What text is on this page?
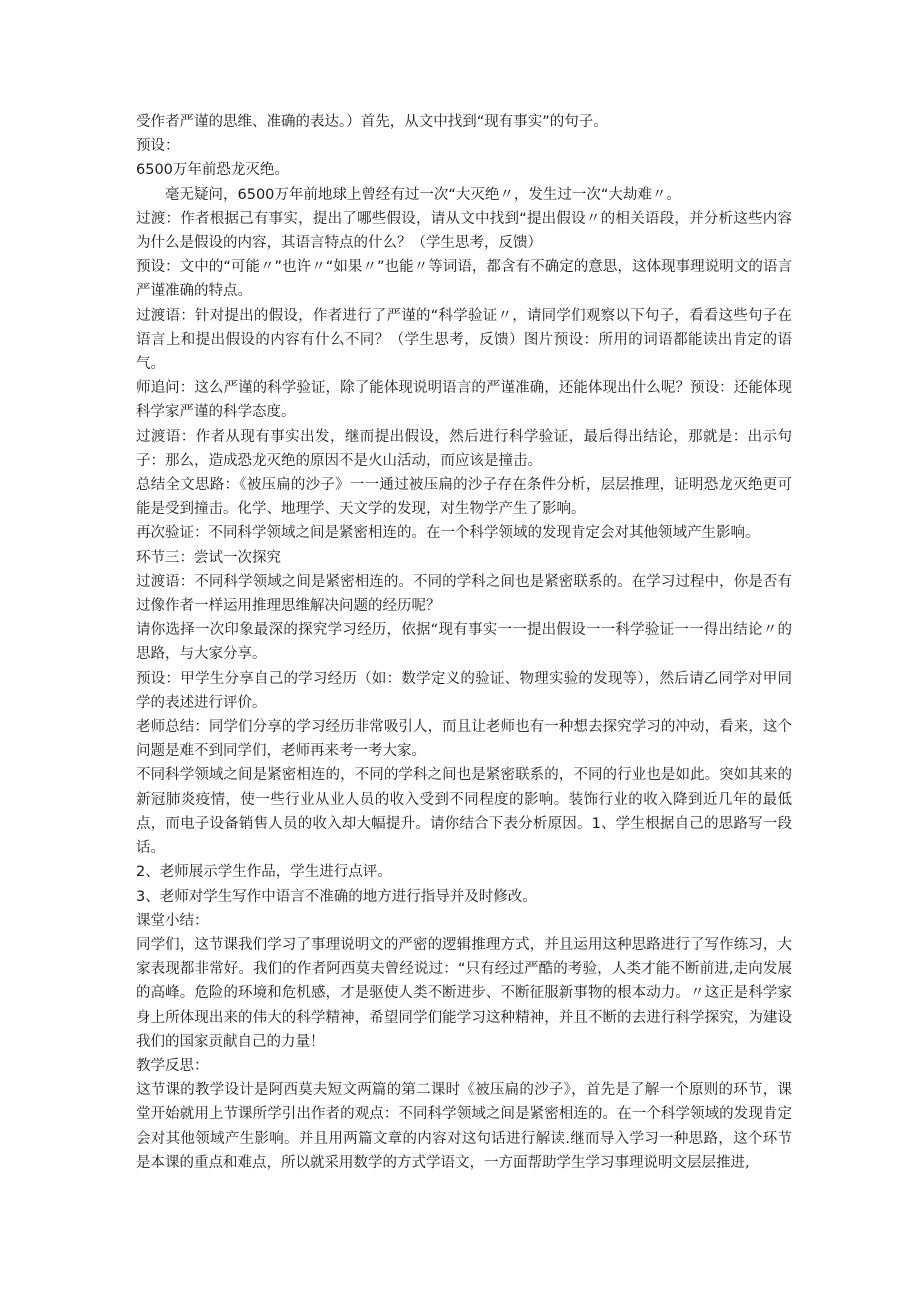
受作者严谨的思维、准确的表达。）首先，从文中找到“现有事实”的句子。

预设：

6500万年前恐龙灭绝。

毫无疑问，6500万年前地球上曾经有过一次“大灭绝〃，发生过一次“大劫难〃。

过渡：作者根据己有事实，提出了哪些假设，请从文中找到“提出假设〃的相关语段，并分析这些内容为什么是假设的内容，其语言特点的什么？（学生思考，反馈）

预设：文中的“可能〃”也许〃“如果〃”也能〃等词语，都含有不确定的意思，这体现事理说明文的语言严谨准确的特点。

过渡语：针对提出的假设，作者进行了严谨的“科学验证〃，请同学们观察以下句子，看看这些句子在语言上和提出假设的内容有什么不同？（学生思考，反馈）图片预设：所用的词语都能读出肯定的语气。

师追问：这么严谨的科学验证，除了能体现说明语言的严谨准确，还能体现出什么呢？预设：还能体现科学家严谨的科学态度。

过渡语：作者从现有事实出发，继而提出假设，然后进行科学验证，最后得出结论，那就是：出示句子：那么，造成恐龙灭绝的原因不是火山活动，而应该是撞击。

总结全文思路：《被压扁的沙子》一一通过被压扁的沙子存在条件分析，层层推理，证明恐龙灭绝更可能是受到撞击。化学、地理学、天文学的发现，对生物学产生了影响。

再次验证：不同科学领域之间是紧密相连的。在一个科学领域的发现肯定会对其他领域产生影响。

环节三：尝试一次探究

过渡语：不同科学领域之间是紧密相连的。不同的学科之间也是紧密联系的。在学习过程中，你是否有过像作者一样运用推理思维解决问题的经历呢？

请你选择一次印象最深的探究学习经历，依据“现有事实一一提出假设一一科学验证一一得出结论〃的思路，与大家分享。

预设：甲学生分享自己的学习经历（如：数学定义的验证、物理实验的发现等），然后请乙同学对甲同学的表述进行评价。

老师总结：同学们分享的学习经历非常吸引人，而且让老师也有一种想去探究学习的冲动，看来，这个问题是难不到同学们，老师再来考一考大家。

不同科学领域之间是紧密相连的，不同的学科之间也是紧密联系的，不同的行业也是如此。突如其来的新冠肺炎疫情，使一些行业从业人员的收入受到不同程度的影响。装饰行业的收入降到近几年的最低点，而电子设备销售人员的收入却大幅提升。请你结合下表分析原因。1、学生根据自己的思路写一段话。

2、老师展示学生作品，学生进行点评。

3、老师对学生写作中语言不准确的地方进行指导并及时修改。

课堂小结：

同学们，这节课我们学习了事理说明文的严密的逻辑推理方式，并且运用这种思路进行了写作练习，大家表现都非常好。我们的作者阿西莫夫曾经说过：“只有经过严酷的考验，人类才能不断前进,走向发展的高峰。危险的环境和危机感，才是驱使人类不断进步、不断征服新事物的根本动力。〃这正是科学家身上所体现出来的伟大的科学精神，希望同学们能学习这种精神，并且不断的去进行科学探究，为建设我们的国家贡献自己的力量！

教学反思：

这节课的教学设计是阿西莫夫短文两篇的第二课时《被压扁的沙子》，首先是了解一个原则的环节，课堂开始就用上节课所学引出作者的观点：不同科学领域之间是紧密相连的。在一个科学领域的发现肯定会对其他领域产生影响。并且用两篇文章的内容对这句话进行解读.继而导入学习一种思路，这个环节是本课的重点和难点，所以就采用数学的方式学语文，一方面帮助学生学习事理说明文层层推进,
